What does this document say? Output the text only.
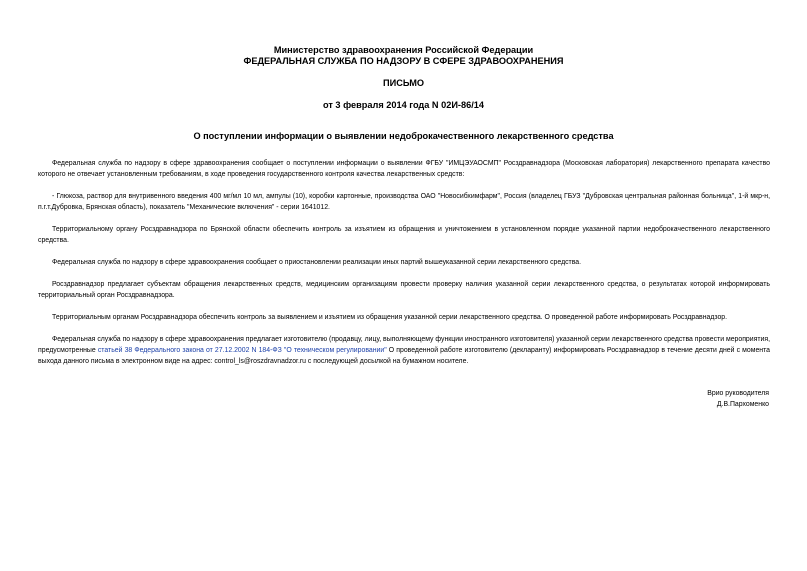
Министерство здравоохранения Российской Федерации
ФЕДЕРАЛЬНАЯ СЛУЖБА ПО НАДЗОРУ В СФЕРЕ ЗДРАВООХРАНЕНИЯ
ПИСЬМО
от 3 февраля 2014 года N 02И-86/14
О поступлении информации о выявлении недоброкачественного лекарственного средства

Федеральная служба по надзору в сфере здравоохранения сообщает о поступлении информации о выявлении ФГБУ "ИМЦЭУАОСМП" Росздравнадзора (Московская лаборатория) лекарственного препарата качество которого не отвечает установленным требованиям, в ходе проведения государственного контроля качества лекарственных средств:

- Глюкоза, раствор для внутривенного введения 400 мг/мл 10 мл, ампулы (10), коробки картонные, производства ОАО "Новосибхимфарм", Россия (владелец ГБУЗ "Дубровская центральная районная больница", 1-й мкр-н, п.г.т.Дубровка, Брянская область), показатель "Механические включения" - серии 1641012.

Территориальному органу Росздравнадзора по Брянской области обеспечить контроль за изъятием из обращения и уничтожением в установленном порядке указанной партии недоброкачественного лекарственного средства.

Федеральная служба по надзору в сфере здравоохранения сообщает о приостановлении реализации иных партий вышеуказанной серии лекарственного средства.

Росздравнадзор предлагает субъектам обращения лекарственных средств, медицинским организациям провести проверку наличия указанной серии лекарственного средства, о результатах которой информировать территориальный орган Росздравнадзора.

Территориальным органам Росздравнадзора обеспечить контроль за выявлением и изъятием из обращения указанной серии лекарственного средства. О проведенной работе информировать Росздравнадзор.

Федеральная служба по надзору в сфере здравоохранения предлагает изготовителю (продавцу, лицу, выполняющему функции иностранного изготовителя) указанной серии лекарственного средства провести мероприятия, предусмотренные статьей 38 Федерального закона от 27.12.2002 N 184-ФЗ "О техническом регулировании" О проведенной работе изготовителю (декларанту) информировать Росздравнадзор в течение десяти дней с момента выхода данного письма в электронном виде на адрес: control_ls@roszdravnadzor.ru с последующей досылкой на бумажном носителе.

Врио руководителя
Д.В.Пархоменко
